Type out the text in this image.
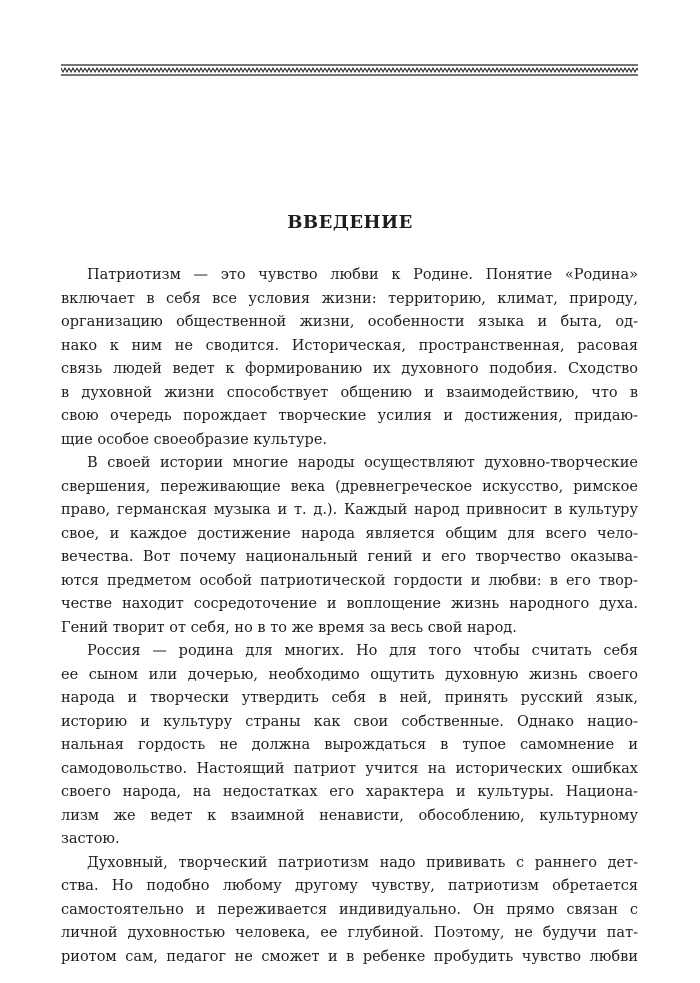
ВВЕДЕНИЕ
Патриотизм — это чувство любви к Родине. Понятие «Родина»
включает в себя все условия жизни: территорию, климат, природу,
организацию общественной жизни, особенности языка и быта, од-
нако к ним не сводится. Историческая, пространственная, расовая
связь людей ведет к формированию их духовного подобия. Сходство
в духовной жизни способствует общению и взаимодействию, что в
свою очередь порождает творческие усилия и достижения, придаю-
щие особое своеобразие культуре.
В своей истории многие народы осуществляют духовно-творческие
свершения, переживающие века (древнегреческое искусство, римское
право, германская музыка и т. д.). Каждый народ привносит в культуру
свое, и каждое достижение народа является общим для всего чело-
вечества. Вот почему национальный гений и его творчество оказыва-
ются предметом особой патриотической гордости и любви: в его твор-
честве находит сосредоточение и воплощение жизнь народного духа.
Гений творит от себя, но в то же время за весь свой народ.
Россия — родина для многих. Но для того чтобы считать себя
ее сыном или дочерью, необходимо ощутить духовную жизнь своего
народа и творчески утвердить себя в ней, принять русский язык,
историю и культуру страны как свои собственные. Однако нацио-
нальная гордость не должна вырождаться в тупое самомнение и
самодовольство. Настоящий патриот учится на исторических ошибках
своего народа, на недостатках его характера и культуры. Национа-
лизм же ведет к взаимной ненависти, обособлению, культурному
застою.
Духовный, творческий патриотизм надо прививать с раннего дет-
ства. Но подобно любому другому чувству, патриотизм обретается
самостоятельно и переживается индивидуально. Он прямо связан с
личной духовностью человека, ее глубиной. Поэтому, не будучи пат-
риотом сам, педагог не сможет и в ребенке пробудить чувство любви
